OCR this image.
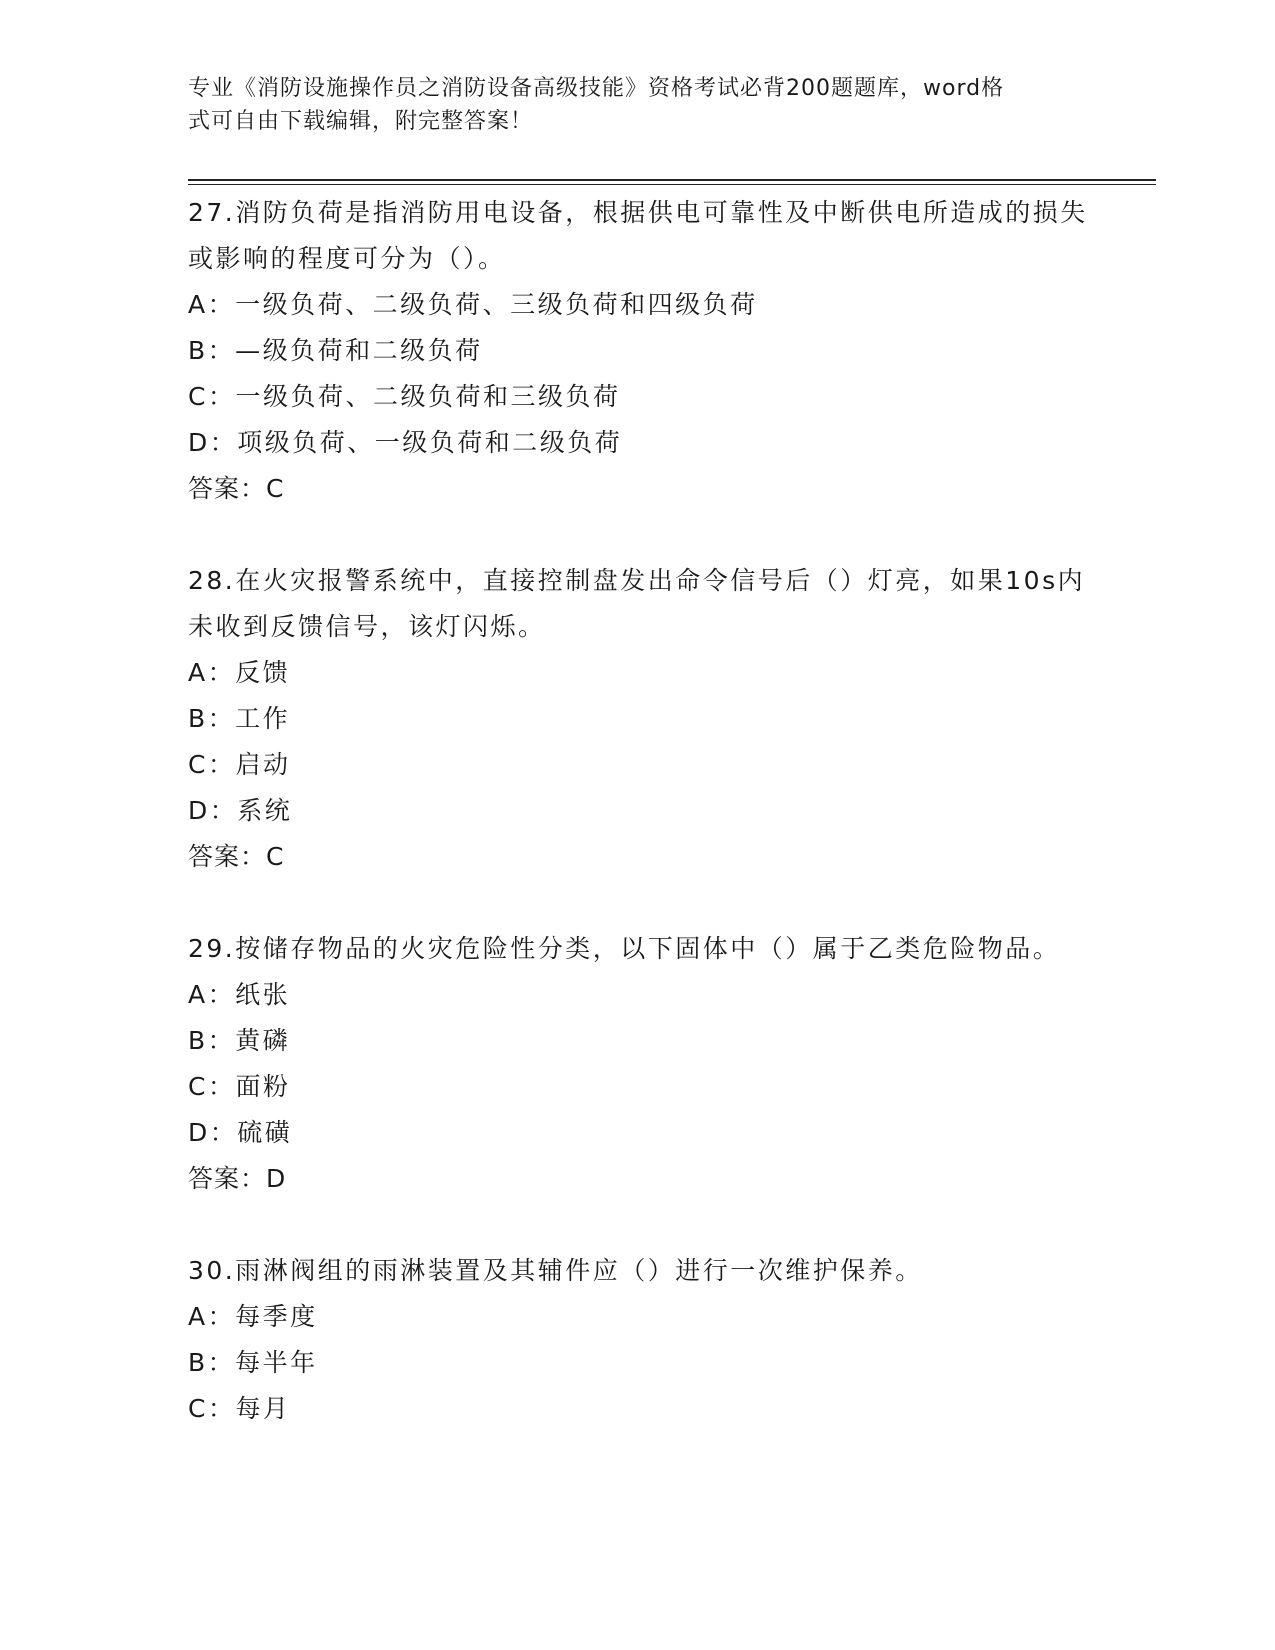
专业《消防设施操作员之消防设备高级技能》资格考试必背200题题库，word格
式可自由下载编辑，附完整答案！
27.消防负荷是指消防用电设备，根据供电可靠性及中断供电所造成的损失或影响的程度可分为（）。
A：一级负荷、二级负荷、三级负荷和四级负荷
B：—级负荷和二级负荷
C：一级负荷、二级负荷和三级负荷
D：项级负荷、一级负荷和二级负荷
答案：C
28.在火灾报警系统中，直接控制盘发出命令信号后（）灯亮，如果10s内未收到反馈信号，该灯闪烁。
A：反馈
B：工作
C：启动
D：系统
答案：C
29.按储存物品的火灾危险性分类，以下固体中（）属于乙类危险物品。
A：纸张
B：黄磷
C：面粉
D：硫磺
答案：D
30.雨淋阀组的雨淋装置及其辅件应（）进行一次维护保养。
A：每季度
B：每半年
C：每月
